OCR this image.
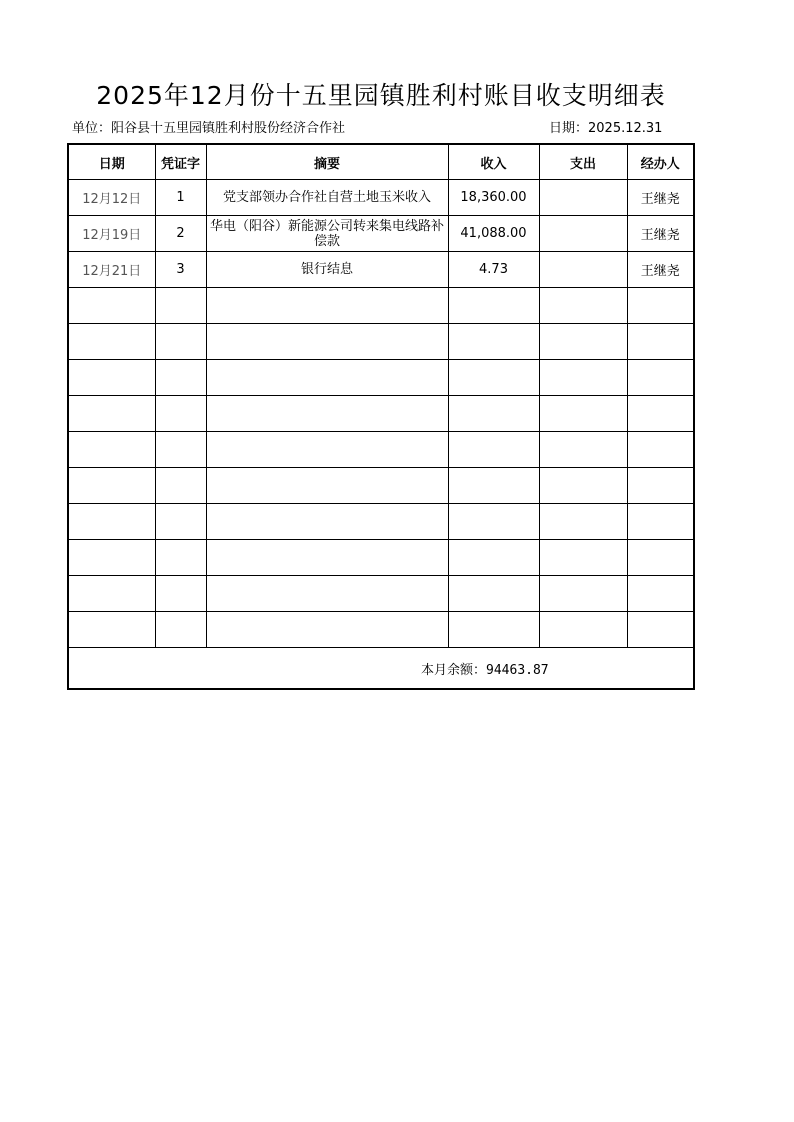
2025年12月份十五里园镇胜利村账目收支明细表
单位：阳谷县十五里园镇胜利村股份经济合作社	日期：2025.12.31
日期	凭证字	摘要	收入	支出	经办人
12月12日	1	党支部领办合作社自营土地玉米收入	18,360.00		王继尧
12月19日	2	华电（阳谷）新能源公司转来集电线路补偿款	41,088.00		王继尧
12月21日	3	银行结息	4.73		王继尧

本月余额：94463.87					
